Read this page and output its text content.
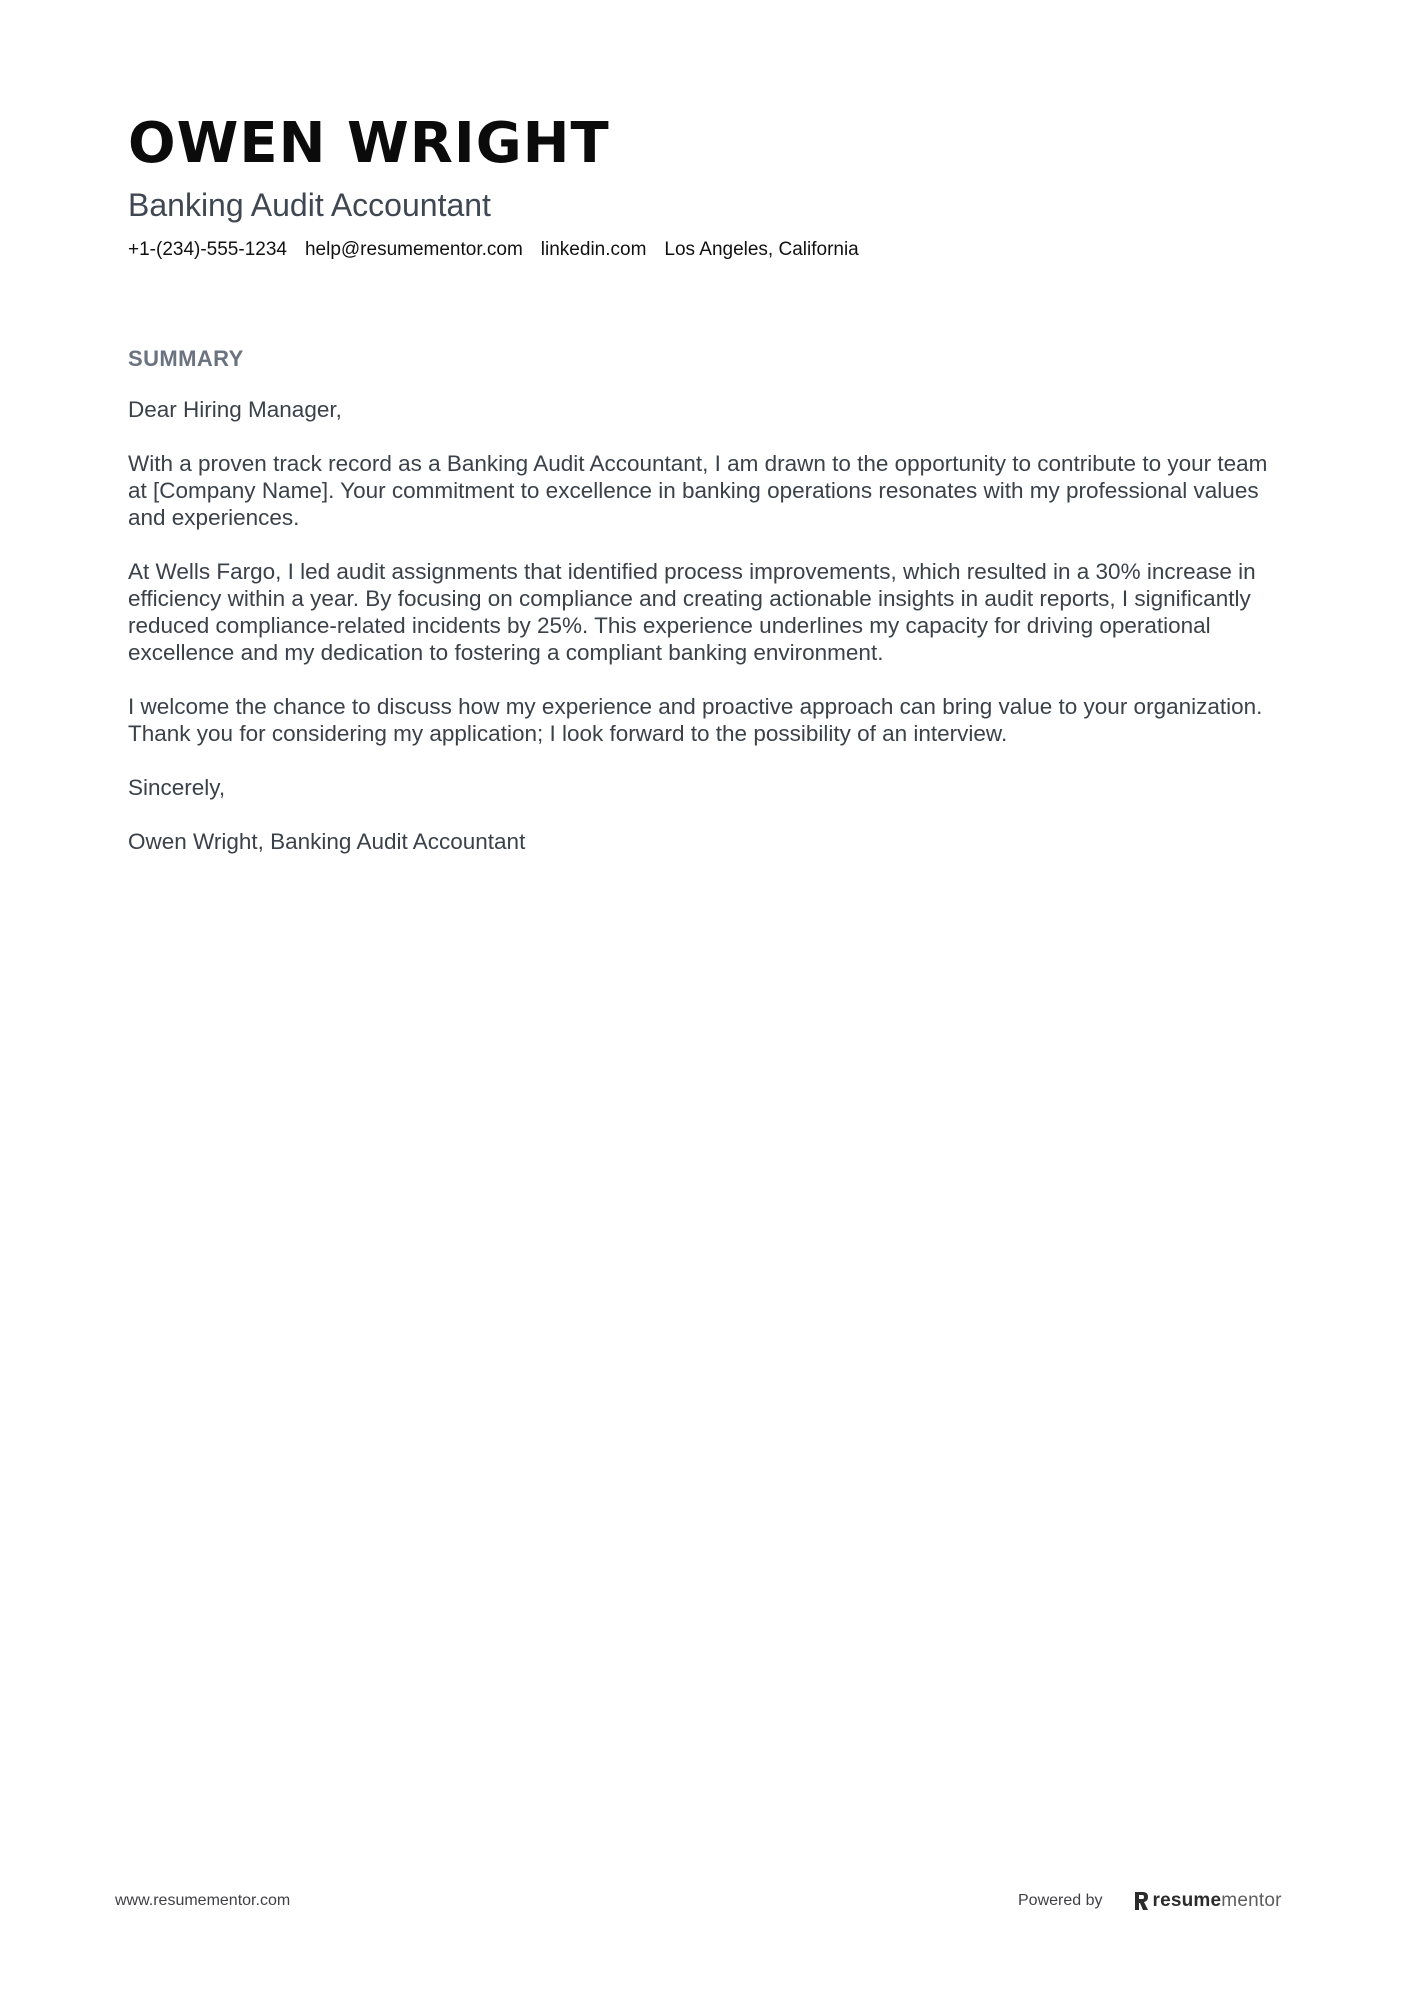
OWEN WRIGHT
Banking Audit Accountant
+1-(234)-555-1234 help@resumementor.com linkedin.com Los Angeles, California
SUMMARY

Dear Hiring Manager,

With a proven track record as a Banking Audit Accountant, I am drawn to the opportunity to contribute to your team at [Company Name]. Your commitment to excellence in banking operations resonates with my professional values and experiences.

At Wells Fargo, I led audit assignments that identified process improvements, which resulted in a 30% increase in efficiency within a year. By focusing on compliance and creating actionable insights in audit reports, I significantly reduced compliance-related incidents by 25%. This experience underlines my capacity for driving operational excellence and my dedication to fostering a compliant banking environment.

I welcome the chance to discuss how my experience and proactive approach can bring value to your organization. Thank you for considering my application; I look forward to the possibility of an interview.

Sincerely,

Owen Wright, Banking Audit Accountant

www.resumementor.com	Powered by	resumementor
